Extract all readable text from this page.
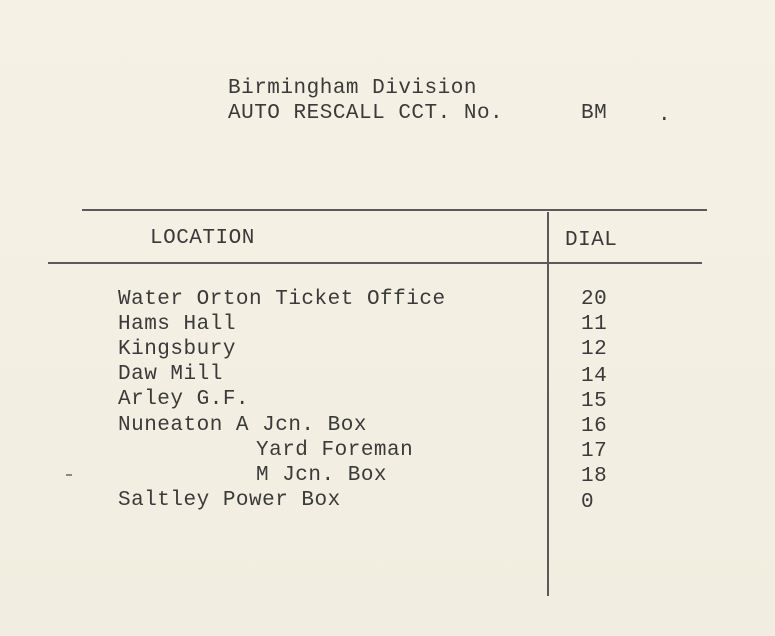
Birmingham Division
AUTO RESCALL CCT. No.	BM .
LOCATION	DIAL
Water Orton Ticket Office	20
Hams Hall	11
Kingsbury	12
Daw Mill	14
Arley G.F.	15
Nuneaton A Jcn. Box	16
Yard Foreman	17
M Jcn. Box	18
Saltley Power Box	0
